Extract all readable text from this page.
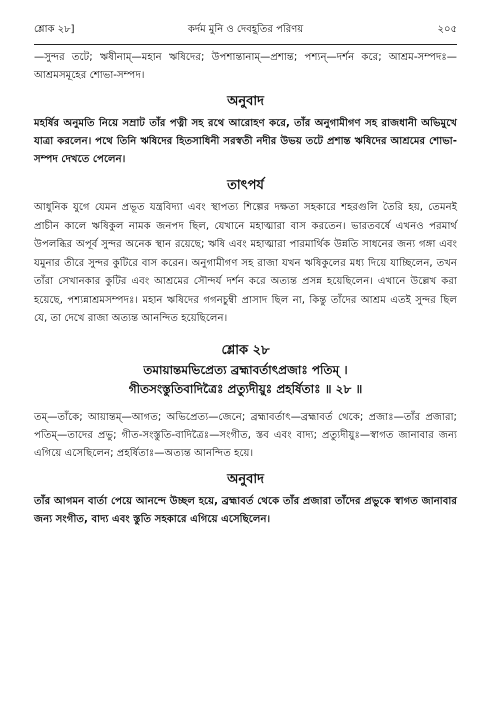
শ্লোক ২৮]	কর্দম মুনি ও দেবহূতির পরিণয়	২০৫

—সুন্দর তটে; ঋষীনাম্—মহান ঋষিদের; উপশান্তানাম্—প্রশান্ত; পশ্যন্—দর্শন করে; আশ্রম-সম্পদঃ—আশ্রমসমূহের শোভা-সম্পদ।

অনুবাদ

মহর্ষির অনুমতি নিয়ে সম্রাট তাঁর পত্নী সহ রথে আরোহণ করে, তাঁর অনুগামীগণ সহ রাজধানী অভিমুখে যাত্রা করলেন। পথে তিনি ঋষিদের হিতসাধিনী সরস্বতী নদীর উভয় তটে প্রশান্ত ঋষিদের আশ্রমের শোভা-সম্পদ দেখতে পেলেন।

তাৎপর্য

আধুনিক যুগে যেমন প্রভূত যন্ত্রবিদ্যা এবং স্থাপত্য শিল্পের দক্ষতা সহকারে শহরগুলি তৈরি হয়, তেমনই প্রাচীন কালে ঋষিকুল নামক জনপদ ছিল, যেখানে মহাত্মারা বাস করতেন। ভারতবর্ষে এখনও পরমার্থ উপলব্ধির অপূর্ব সুন্দর অনেক স্থান রয়েছে; ঋষি এবং মহাত্মারা পারমার্থিক উন্নতি সাধনের জন্য গঙ্গা এবং যমুনার তীরে সুন্দর কুটিরে বাস করেন। অনুগামীগণ সহ রাজা যখন ঋষিকুলের মধ্য দিয়ে যাচ্ছিলেন, তখন তাঁরা সেখানকার কুটির এবং আশ্রমের সৌন্দর্য দর্শন করে অত্যন্ত প্রসন্ন হয়েছিলেন। এখানে উল্লেখ করা হয়েছে, পশ্যন্নাশ্রমসম্পদঃ। মহান ঋষিদের গগনচুম্বী প্রাসাদ ছিল না, কিন্তু তাঁদের আশ্রম এতই সুন্দর ছিল যে, তা দেখে রাজা অত্যন্ত আনন্দিত হয়েছিলেন।

শ্লোক ২৮
তমায়ান্তমভিপ্রেত্য ব্রহ্মাবর্তাৎপ্রজাঃ পতিম্ ।
গীতসংস্তুতিবাদিত্রৈঃ প্রত্যুদীয়ুঃ প্রহর্ষিতাঃ ॥ ২৮ ॥

তম্—তাঁকে; আয়ান্তম্—আগত; অভিপ্রেত্য—জেনে; ব্রহ্মাবর্তাৎ—ব্রহ্মাবর্ত থেকে; প্রজাঃ—তাঁর প্রজারা; পতিম্—তাদের প্রভু; গীত-সংস্তুতি-বাদিত্রৈঃ—সংগীত, স্তব এবং বাদ্য; প্রত্যুদীয়ুঃ—স্বাগত জানাবার জন্য এগিয়ে এসেছিলেন; প্রহর্ষিতাঃ—অত্যন্ত আনন্দিত হয়ে।

অনুবাদ

তাঁর আগমন বার্তা পেয়ে আনন্দে উচ্ছল হয়ে, ব্রহ্মাবর্ত থেকে তাঁর প্রজারা তাঁদের প্রভুকে স্বাগত জানাবার জন্য সংগীত, বাদ্য এবং স্তুতি সহকারে এগিয়ে এসেছিলেন।
